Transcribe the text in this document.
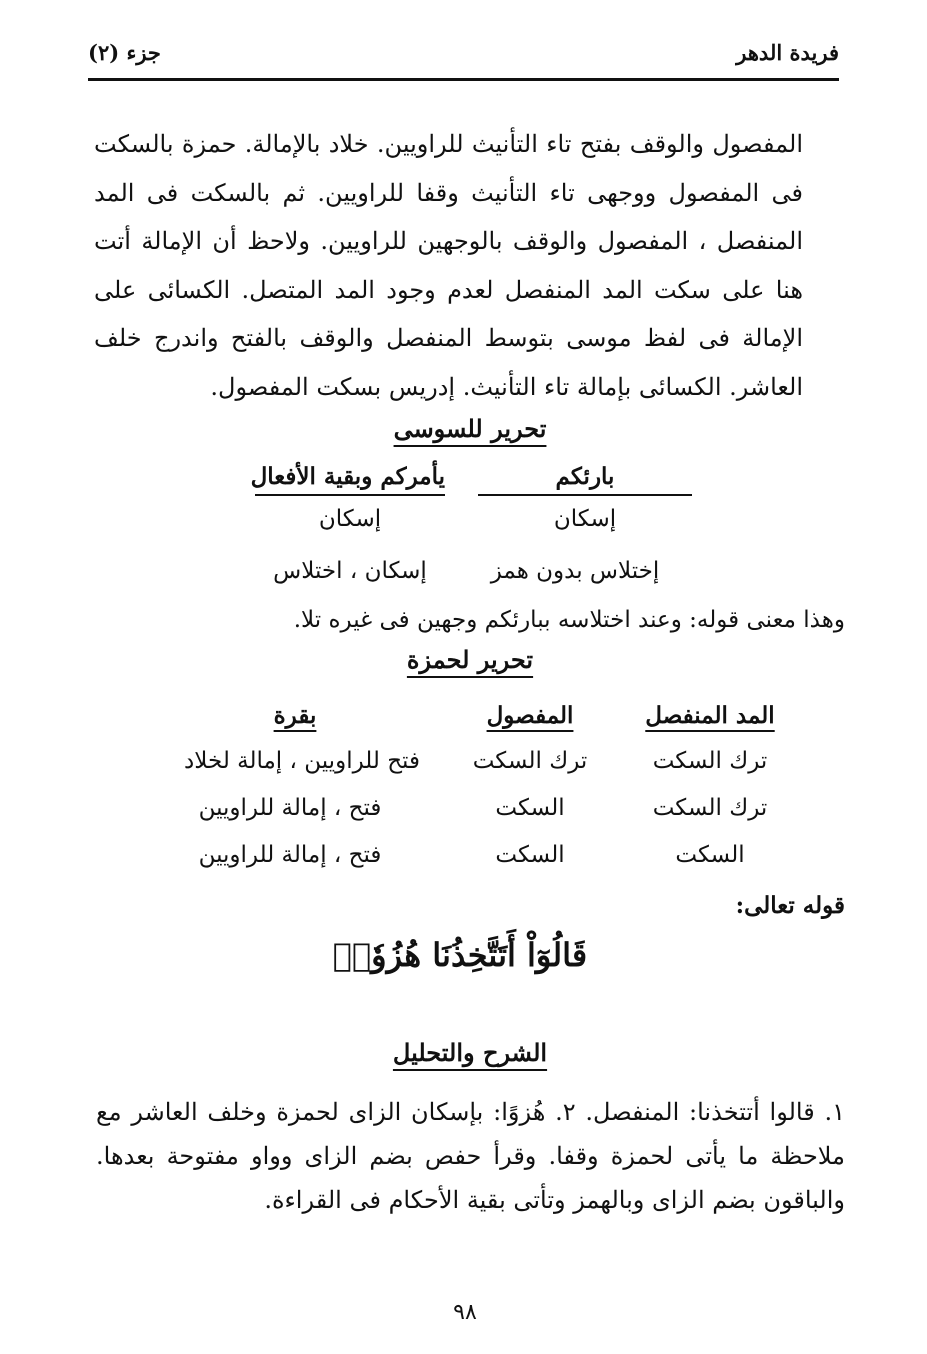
فريدة الدهر
جزء (٢)
المفصول والوقف بفتح تاء التأنيث للراويين. خلاد بالإمالة. حمزة بالسكت فى المفصول ووجهى تاء التأنيث وقفا للراويين. ثم بالسكت فى المد المنفصل ، المفصول والوقف بالوجهين للراويين. ولاحظ أن الإمالة أتت هنا على سكت المد المنفصل لعدم وجود المد المتصل. الكسائى على الإمالة فى لفظ موسى بتوسط المنفصل والوقف بالفتح واندرج خلف العاشر. الكسائى بإمالة تاء التأنيث. إدريس بسكت المفصول.
تحرير للسوسى
بارئكم
يأمركم وبقية الأفعال
إسكان
إسكان
إختلاس بدون همز
إسكان ، اختلاس
وهذا معنى قوله: وعند اختلاسه ببارئكم وجهين فى غيره تلا.
تحرير لحمزة
المد المنفصل
المفصول
بقرة
ترك السكت
ترك السكت
فتح للراويين ، إمالة لخلاد
ترك السكت
السكت
فتح ، إمالة للراويين
السكت
السكت
فتح ، إمالة للراويين
قوله تعالى:
قَالُوٓاْ أَتَتَّخِذُنَا هُزُوٗاۖ
الشرح والتحليل
١. قالوا أتتخذنا: المنفصل. ٢. هُزوًا: بإسكان الزاى لحمزة وخلف العاشر مع ملاحظة ما يأتى لحمزة وقفا. وقرأ حفص بضم الزاى وواو مفتوحة بعدها. والباقون بضم الزاى وبالهمز وتأتى بقية الأحكام فى القراءة.
٩٨
